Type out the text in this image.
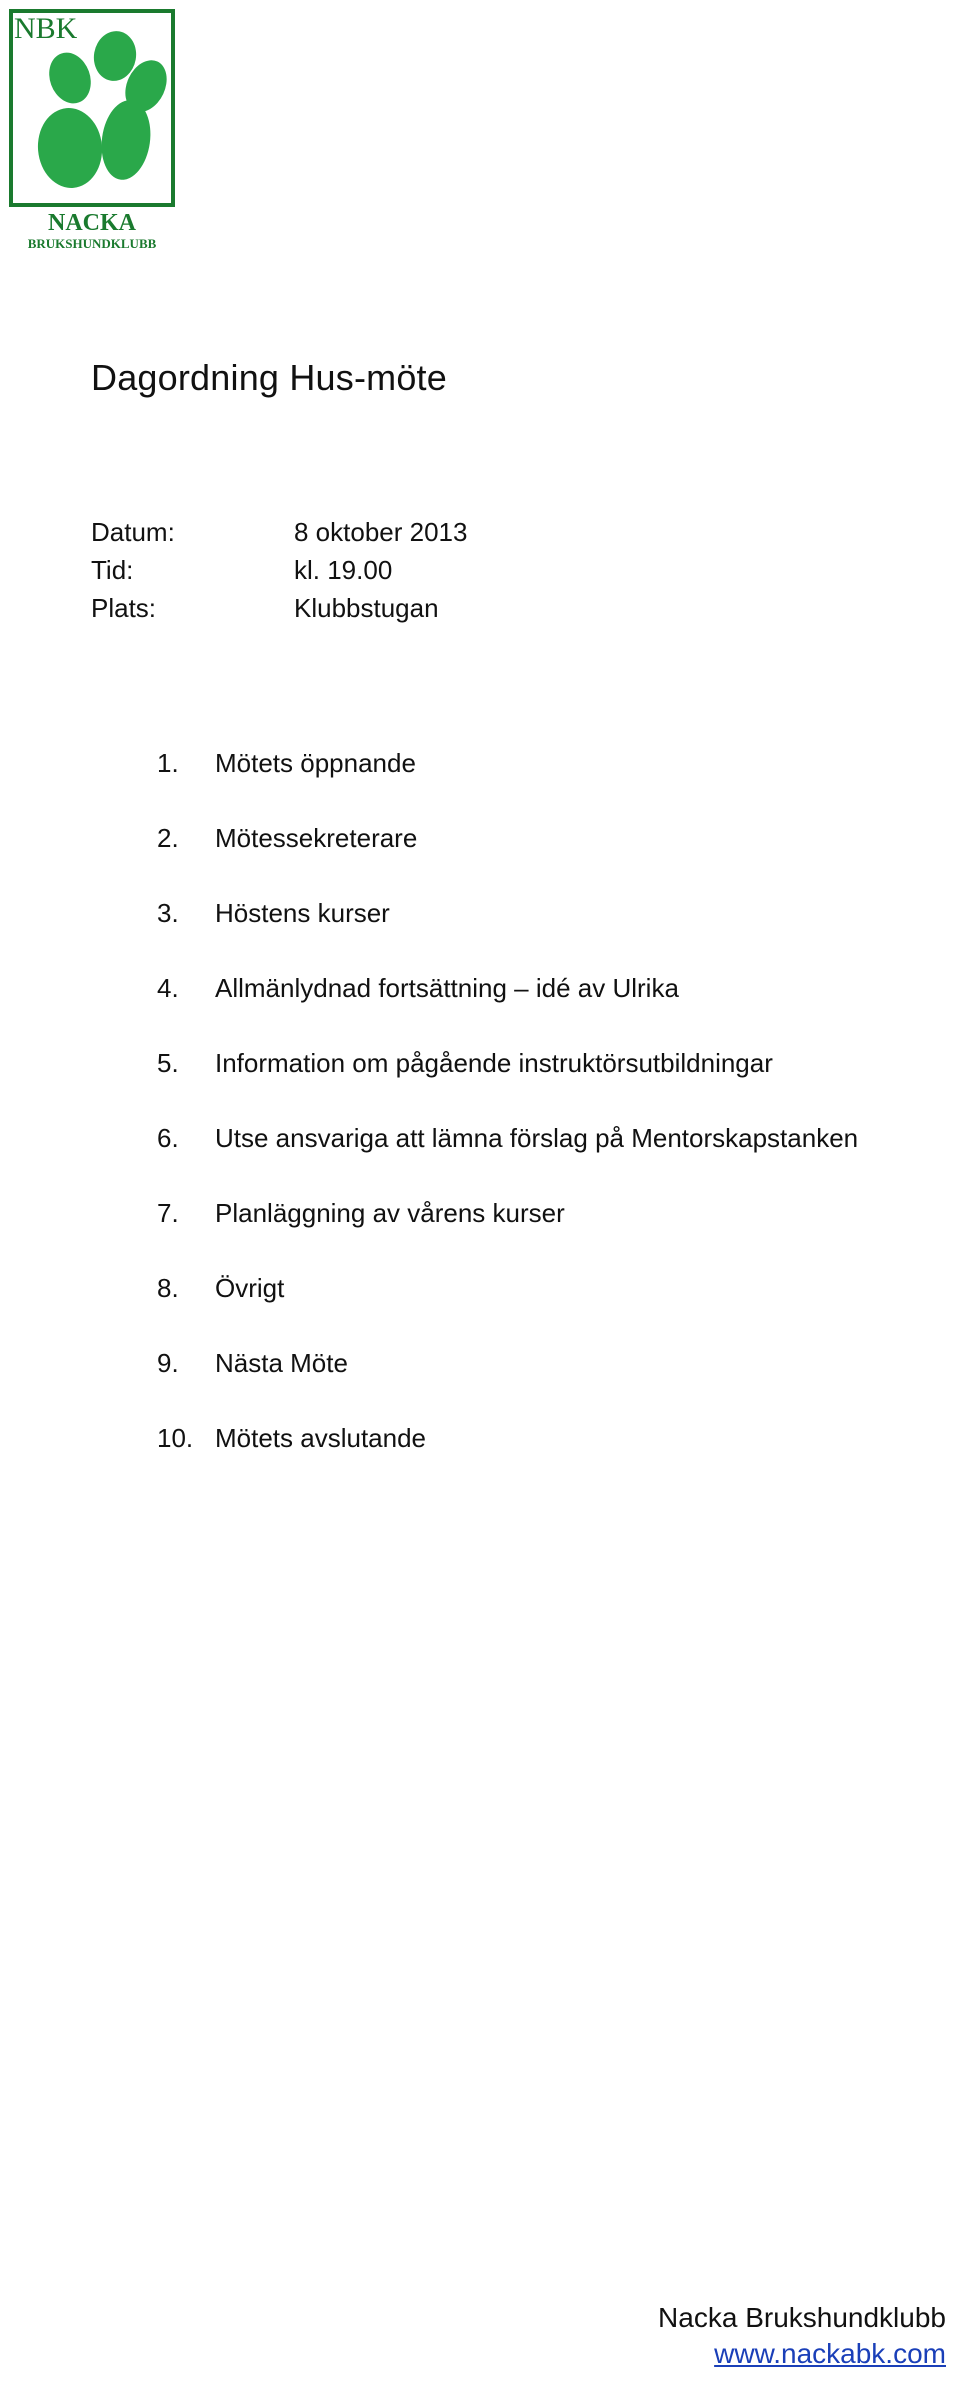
NBK
NACKA
BRUKSHUNDKLUBB
Dagordning Hus-möte
Datum:	8 oktober 2013
Tid:	kl. 19.00
Plats:	Klubbstugan
1.	Mötets öppnande
2.	Mötessekreterare
3.	Höstens kurser
4.	Allmänlydnad fortsättning – idé av Ulrika
5.	Information om pågående instruktörsutbildningar
6.	Utse ansvariga att lämna förslag på Mentorskapstanken
7.	Planläggning av vårens kurser
8.	Övrigt
9.	Nästa Möte
10. Mötets avslutande
Nacka Brukshundklubb
www.nackabk.com
